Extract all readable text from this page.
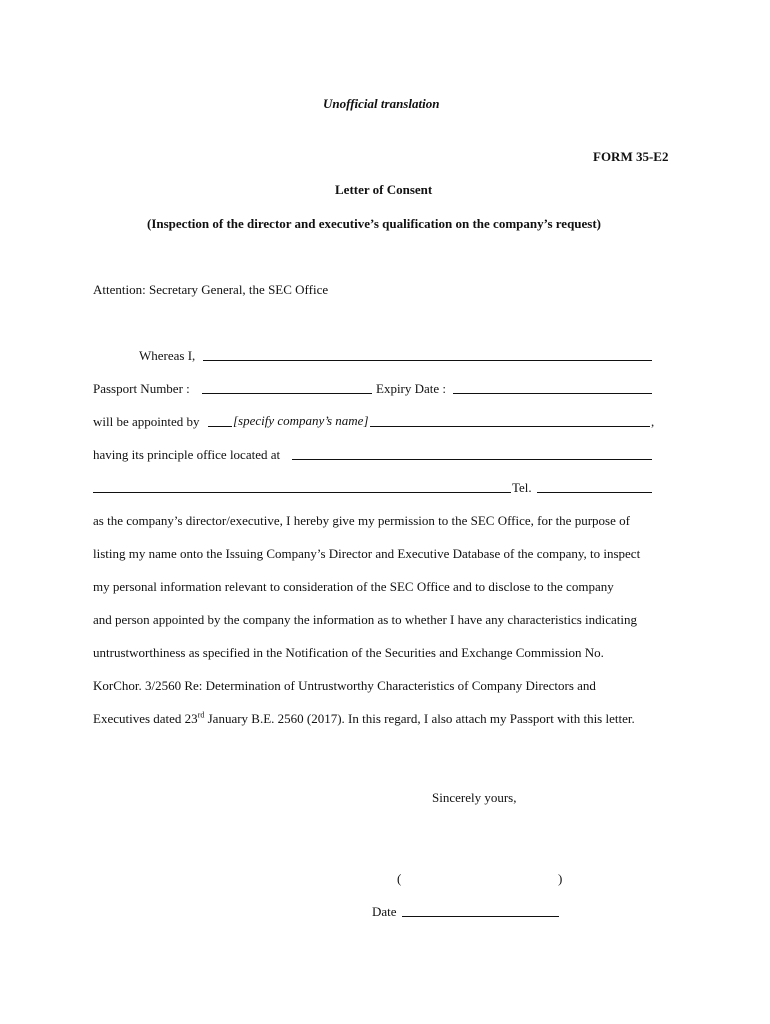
Unofficial translation
FORM 35-E2
Letter of Consent
(Inspection of the director and executive’s qualification on the company’s request)
Attention: Secretary General, the SEC Office
Whereas I,
Passport Number :	Expiry Date :
will be appointed by	[specify company’s name]	,
having its principle office located at
Tel.
as the company’s director/executive, I hereby give my permission to the SEC Office, for the purpose of
listing my name onto the Issuing Company’s Director and Executive Database of the company, to inspect
my personal information relevant to consideration of the SEC Office and to disclose to the company
and person appointed by the company the information as to whether I have any characteristics indicating
untrustworthiness as specified in the Notification of the Securities and Exchange Commission No.
KorChor. 3/2560 Re: Determination of Untrustworthy Characteristics of Company Directors and
Executives dated 23rd January B.E. 2560 (2017). In this regard, I also attach my Passport with this letter.
Sincerely yours,
(	)
Date
